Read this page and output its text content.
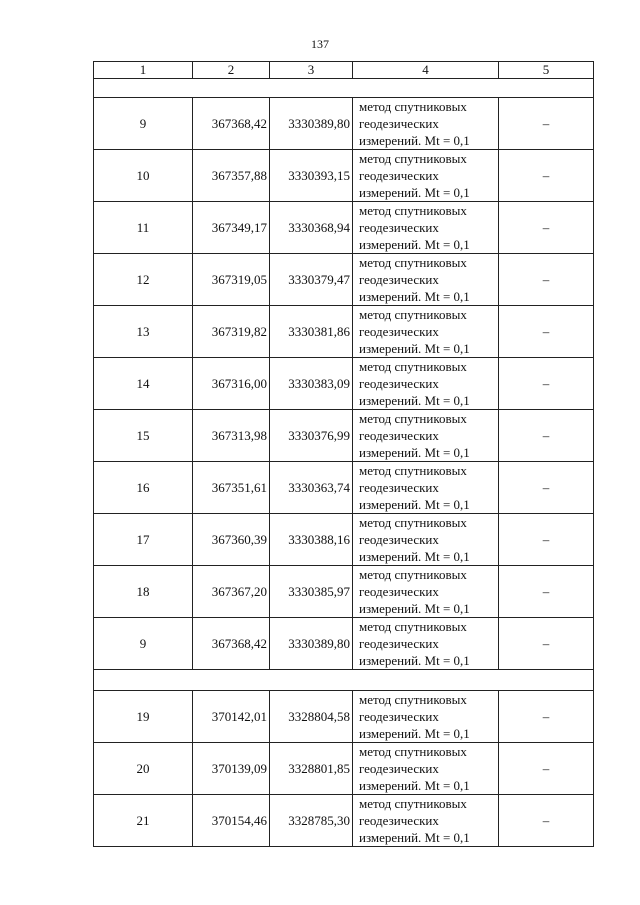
137
1	2	3	4	5

9	367368,42	3330389,80	метод спутниковых
геодезических
измерений. Mt = 0,1	–
10	367357,88	3330393,15	метод спутниковых
геодезических
измерений. Mt = 0,1	–
11	367349,17	3330368,94	метод спутниковых
геодезических
измерений. Mt = 0,1	–
12	367319,05	3330379,47	метод спутниковых
геодезических
измерений. Mt = 0,1	–
13	367319,82	3330381,86	метод спутниковых
геодезических
измерений. Mt = 0,1	–
14	367316,00	3330383,09	метод спутниковых
геодезических
измерений. Mt = 0,1	–
15	367313,98	3330376,99	метод спутниковых
геодезических
измерений. Mt = 0,1	–
16	367351,61	3330363,74	метод спутниковых
геодезических
измерений. Mt = 0,1	–
17	367360,39	3330388,16	метод спутниковых
геодезических
измерений. Mt = 0,1	–
18	367367,20	3330385,97	метод спутниковых
геодезических
измерений. Mt = 0,1	–
9	367368,42	3330389,80	метод спутниковых
геодезических
измерений. Mt = 0,1	–

19	370142,01	3328804,58	метод спутниковых
геодезических
измерений. Mt = 0,1	–
20	370139,09	3328801,85	метод спутниковых
геодезических
измерений. Mt = 0,1	–
21	370154,46	3328785,30	метод спутниковых
геодезических
измерений. Mt = 0,1	–
